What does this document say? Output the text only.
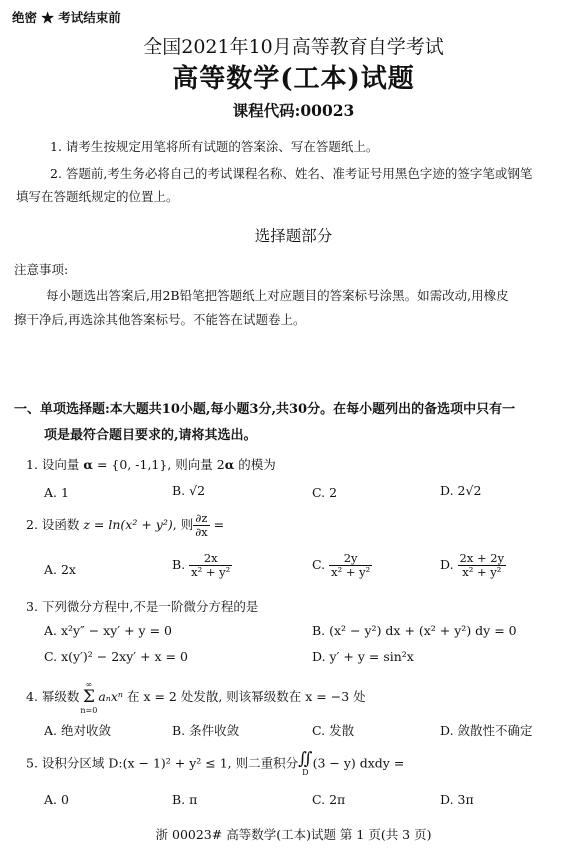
绝密 ★ 考试结束前
全国2021年10月高等教育自学考试
高等数学(工本)试题
课程代码:00023
1. 请考生按规定用笔将所有试题的答案涂、写在答题纸上。
2. 答题前,考生务必将自己的考试课程名称、姓名、准考证号用黑色字迹的签字笔或钢笔
填写在答题纸规定的位置上。
选择题部分
注意事项:
每小题选出答案后,用2B铅笔把答题纸上对应题目的答案标号涂黑。如需改动,用橡皮
擦干净后,再选涂其他答案标号。不能答在试题卷上。
一、单项选择题:本大题共10小题,每小题3分,共30分。在每小题列出的备选项中只有一
项是最符合题目要求的,请将其选出。
1. 设向量 α = {0, -1,1}, 则向量 2α 的模为
A. 1	B. √2	C. 2	D. 2√2
2. 设函数 z = ln(x² + y²), 则 $\frac{\partial z}{\partial x}$ =
A. 2x	B. $\frac{2x}{\text{x² + y²}}$	C. $\frac{2y}{\text{x² + y²}}$	D. $\frac{2x + 2y}{\text{x² + y²}}$
3. 下列微分方程中,不是一阶微分方程的是
A. x²y″ − xy′ + y = 0	B. (x² − y²) dx + (x² + y²) dy = 0
C. x(y′)² − 2xy′ + x = 0	D. y′ + y = sin²x
4. 幂级数∞
Σ
n=0aₙxⁿ 在 x = 2 处发散, 则该幂级数在 x = −3 处
A. 绝对收敛	B. 条件收敛	C. 发散	D. 敛散性不确定
5. 设积分区域 D:(x − 1)² + y² ≤ 1, 则二重积分 ∬
D(3 − y) dxdy =
A. 0	B. π	C. 2π	D. 3π
浙 00023# 高等数学(工本)试题 第 1 页(共 3 页)
